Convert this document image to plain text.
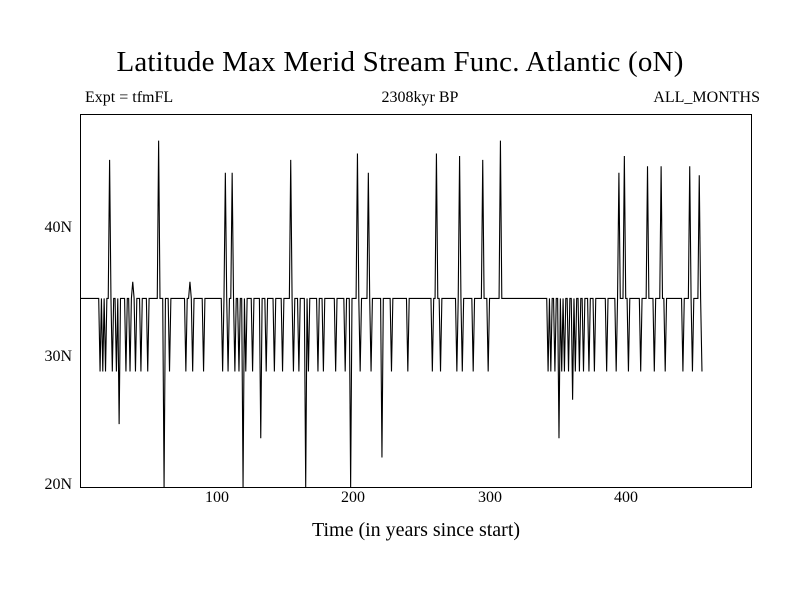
Latitude Max Merid Stream Func. Atlantic (oN)
Expt = tfmFL	2308kyr BP	ALL_MONTHS
40N
30N
20N
100	200	300	400
Time (in years since start)
